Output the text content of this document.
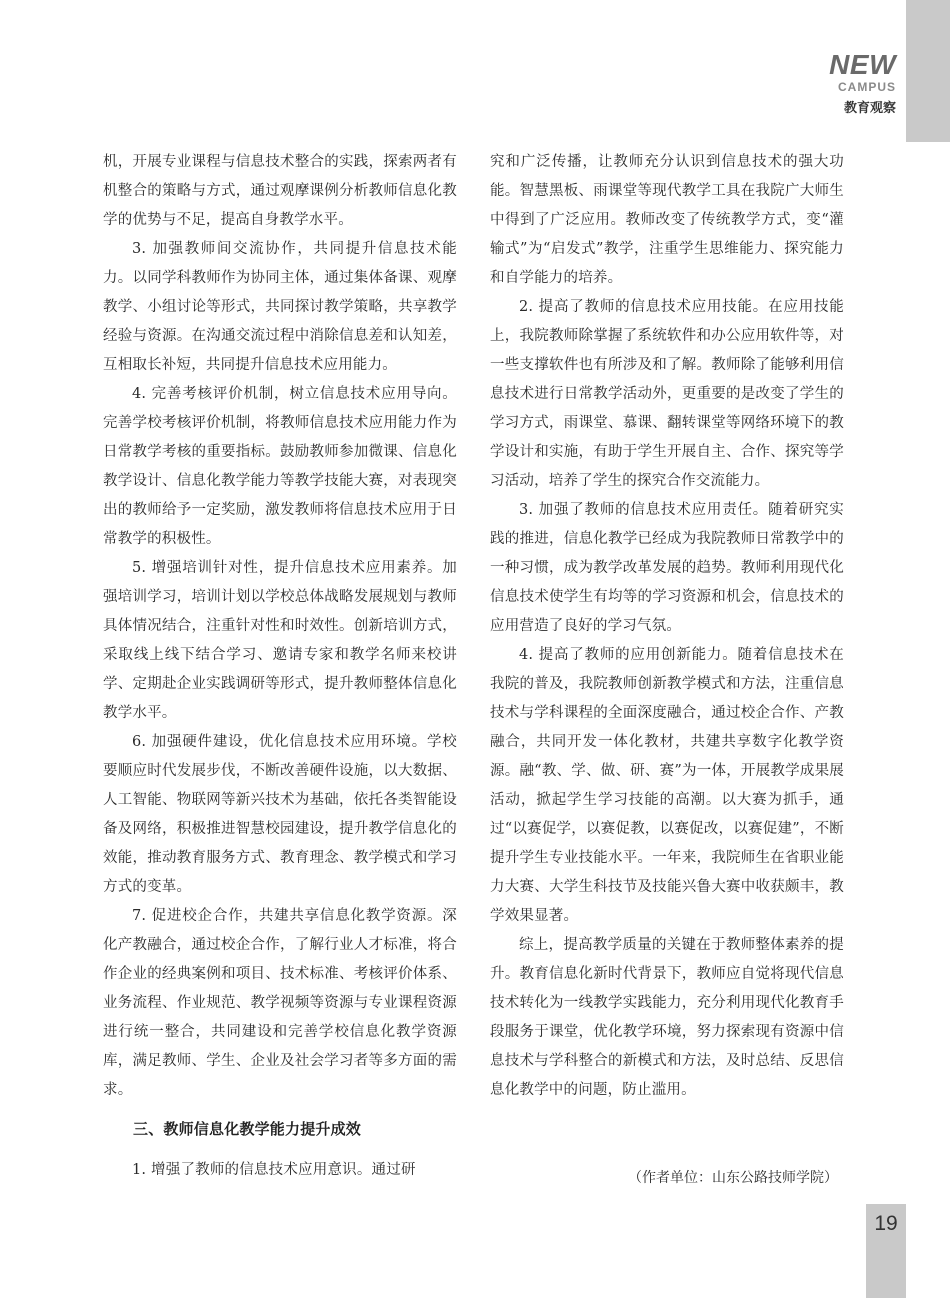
NEW
CAMPUS
教育观察

机，开展专业课程与信息技术整合的实践，探索两者有机整合的策略与方式，通过观摩课例分析教师信息化教学的优势与不足，提高自身教学水平。

3. 加强教师间交流协作，共同提升信息技术能力。以同学科教师作为协同主体，通过集体备课、观摩教学、小组讨论等形式，共同探讨教学策略，共享教学经验与资源。在沟通交流过程中消除信息差和认知差，互相取长补短，共同提升信息技术应用能力。

4. 完善考核评价机制，树立信息技术应用导向。完善学校考核评价机制，将教师信息技术应用能力作为日常教学考核的重要指标。鼓励教师参加微课、信息化教学设计、信息化教学能力等教学技能大赛，对表现突出的教师给予一定奖励，激发教师将信息技术应用于日常教学的积极性。

5. 增强培训针对性，提升信息技术应用素养。加强培训学习，培训计划以学校总体战略发展规划与教师具体情况结合，注重针对性和时效性。创新培训方式，采取线上线下结合学习、邀请专家和教学名师来校讲学、定期赴企业实践调研等形式，提升教师整体信息化教学水平。

6. 加强硬件建设，优化信息技术应用环境。学校要顺应时代发展步伐，不断改善硬件设施，以大数据、人工智能、物联网等新兴技术为基础，依托各类智能设备及网络，积极推进智慧校园建设，提升教学信息化的效能，推动教育服务方式、教育理念、教学模式和学习方式的变革。

7. 促进校企合作，共建共享信息化教学资源。深化产教融合，通过校企合作，了解行业人才标准，将合作企业的经典案例和项目、技术标准、考核评价体系、业务流程、作业规范、教学视频等资源与专业课程资源进行统一整合，共同建设和完善学校信息化教学资源库，满足教师、学生、企业及社会学习者等多方面的需求。

三、教师信息化教学能力提升成效

1. 增强了教师的信息技术应用意识。通过研

究和广泛传播，让教师充分认识到信息技术的强大功能。智慧黑板、雨课堂等现代教学工具在我院广大师生中得到了广泛应用。教师改变了传统教学方式，变“灌输式”为“启发式”教学，注重学生思维能力、探究能力和自学能力的培养。

2. 提高了教师的信息技术应用技能。在应用技能上，我院教师除掌握了系统软件和办公应用软件等，对一些支撑软件也有所涉及和了解。教师除了能够利用信息技术进行日常教学活动外，更重要的是改变了学生的学习方式，雨课堂、慕课、翻转课堂等网络环境下的教学设计和实施，有助于学生开展自主、合作、探究等学习活动，培养了学生的探究合作交流能力。

3. 加强了教师的信息技术应用责任。随着研究实践的推进，信息化教学已经成为我院教师日常教学中的一种习惯，成为教学改革发展的趋势。教师利用现代化信息技术使学生有均等的学习资源和机会，信息技术的应用营造了良好的学习气氛。

4. 提高了教师的应用创新能力。随着信息技术在我院的普及，我院教师创新教学模式和方法，注重信息技术与学科课程的全面深度融合，通过校企合作、产教融合，共同开发一体化教材，共建共享数字化教学资源。融“教、学、做、研、赛”为一体，开展教学成果展活动，掀起学生学习技能的高潮。以大赛为抓手，通过“以赛促学，以赛促教，以赛促改，以赛促建”，不断提升学生专业技能水平。一年来，我院师生在省职业能力大赛、大学生科技节及技能兴鲁大赛中收获颇丰，教学效果显著。

综上，提高教学质量的关键在于教师整体素养的提升。教育信息化新时代背景下，教师应自觉将现代信息技术转化为一线教学实践能力，充分利用现代化教育手段服务于课堂，优化教学环境，努力探索现有资源中信息技术与学科整合的新模式和方法，及时总结、反思信息化教学中的问题，防止滥用。

（作者单位：山东公路技师学院）
19
